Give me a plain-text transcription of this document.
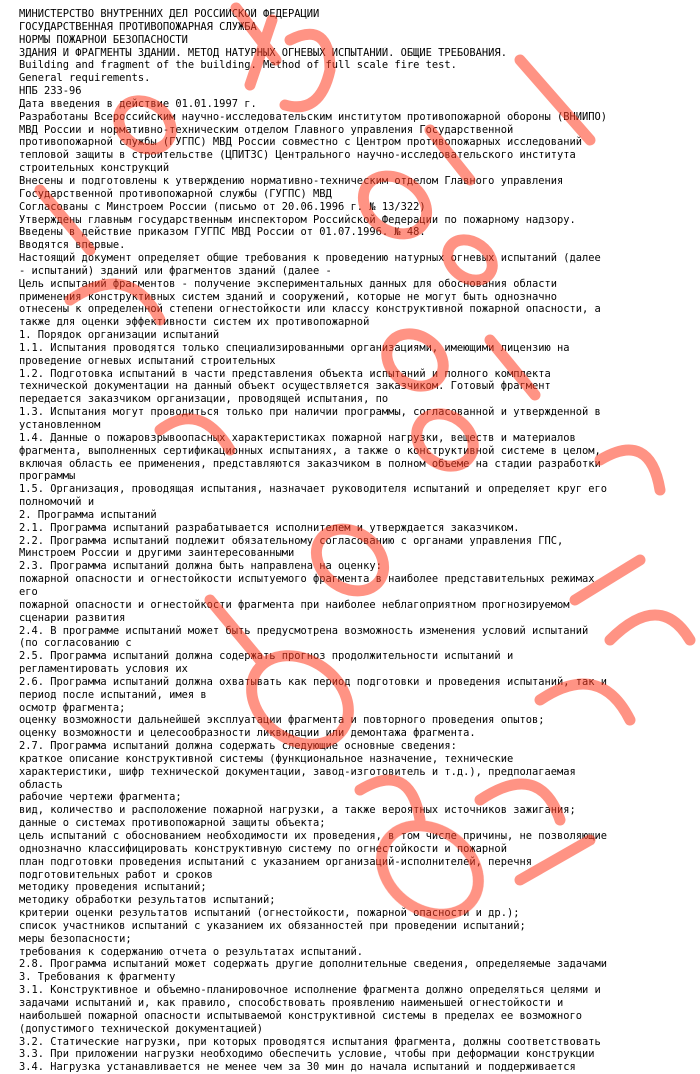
МИНИСТЕРСТВО ВНУТРЕННИХ ДЕЛ РОССИЙСКОЙ ФЕДЕРАЦИИ
ГОСУДАРСТВЕННАЯ ПРОТИВОПОЖАРНАЯ СЛУЖБА
НОРМЫ ПОЖАРНОЙ БЕЗОПАСНОСТИ
ЗДАНИЯ И ФРАГМЕНТЫ ЗДАНИЙ. МЕТОД НАТУРНЫХ ОГНЕВЫХ ИСПЫТАНИЙ. ОБЩИЕ ТРЕБОВАНИЯ.
Building and fragment of the building. Method of full scale fire test.
General requirements.
НПБ 233-96
Дата введения в действие 01.01.1997 г.
Разработаны Всероссийским научно-исследовательским институтом противопожарной обороны (ВНИИПО)
МВД России и нормативно-техническим отделом Главного управления Государственной
противопожарной службы (ГУГПС) МВД России совместно с Центром противопожарных исследований
тепловой защиты в строительстве (ЦПИТЗС) Центрального научно-исследовательского института
строительных конструкций
Внесены и подготовлены к утверждению нормативно-техническим отделом Главного управления
Государственной противопожарной службы (ГУГПС) МВД
Согласованы с Минстроем России (письмо от 20.06.1996 г. № 13/322)
Утверждены главным государственным инспектором Российской Федерации по пожарному надзору.
Введены в действие приказом ГУГПС МВД России от 01.07.1996. № 48.
Вводятся впервые.
Настоящий документ определяет общие требования к проведению натурных огневых испытаний (далее
- испытаний) зданий или фрагментов зданий (далее -
Цель испытаний фрагментов - получение экспериментальных данных для обоснования области
применения конструктивных систем зданий и сооружений, которые не могут быть однозначно
отнесены к определенной степени огнестойкости или классу конструктивной пожарной опасности, а
также для оценки эффективности систем их противопожарной
1. Порядок организации испытаний
1.1. Испытания проводятся только специализированными организациями, имеющими лицензию на
проведение огневых испытаний строительных
1.2. Подготовка испытаний в части представления объекта испытаний и полного комплекта
технической документации на данный объект осуществляется заказчиком. Готовый фрагмент
передается заказчиком организации, проводящей испытания, по
1.3. Испытания могут проводиться только при наличии программы, согласованной и утвержденной в
установленном
1.4. Данные о пожаровзрывоопасных характеристиках пожарной нагрузки, веществ и материалов
фрагмента, выполненных сертификационных испытаниях, а также о конструктивной системе в целом,
включая область ее применения, представляются заказчиком в полном объеме на стадии разработки
программы
1.5. Организация, проводящая испытания, назначает руководителя испытаний и определяет круг его
полномочий и
2. Программа испытаний
2.1. Программа испытаний разрабатывается исполнителем и утверждается заказчиком.
2.2. Программа испытаний подлежит обязательному согласованию с органами управления ГПС,
Минстроем России и другими заинтересованными
2.3. Программа испытаний должна быть направлена на оценку:
пожарной опасности и огнестойкости испытуемого фрагмента в наиболее представительных режимах
его
пожарной опасности и огнестойкости фрагмента при наиболее неблагоприятном прогнозируемом
сценарии развития
2.4. В программе испытаний может быть предусмотрена возможность изменения условий испытаний
(по согласованию с
2.5. Программа испытаний должна содержать прогноз продолжительности испытаний и
регламентировать условия их
2.6. Программа испытаний должна охватывать как период подготовки и проведения испытаний, так и
период после испытаний, имея в
осмотр фрагмента;
оценку возможности дальнейшей эксплуатации фрагмента и повторного проведения опытов;
оценку возможности и целесообразности ликвидации или демонтажа фрагмента.
2.7. Программа испытаний должна содержать следующие основные сведения:
краткое описание конструктивной системы (функциональное назначение, технические
характеристики, шифр технической документации, завод-изготовитель и т.д.), предполагаемая
область
рабочие чертежи фрагмента;
вид, количество и расположение пожарной нагрузки, а также вероятных источников зажигания;
данные о системах противопожарной защиты объекта;
цель испытаний с обоснованием необходимости их проведения, в том числе причины, не позволяющие
однозначно классифицировать конструктивную систему по огнестойкости и пожарной
план подготовки проведения испытаний с указанием организаций-исполнителей, перечня
подготовительных работ и сроков
методику проведения испытаний;
методику обработки результатов испытаний;
критерии оценки результатов испытаний (огнестойкости, пожарной опасности и др.);
список участников испытаний с указанием их обязанностей при проведении испытаний;
меры безопасности;
требования к содержанию отчета о результатах испытаний.
2.8. Программа испытаний может содержать другие дополнительные сведения, определяемые задачами
3. Требования к фрагменту
3.1. Конструктивное и объемно-планировочное исполнение фрагмента должно определяться целями и
задачами испытаний и, как правило, способствовать проявлению наименьшей огнестойкости и
наибольшей пожарной опасности испытываемой конструктивной системы в пределах ее возможного
(допустимого технической документацией)
3.2. Статические нагрузки, при которых проводятся испытания фрагмента, должны соответствовать
3.3. При приложении нагрузки необходимо обеспечить условие, чтобы при деформации конструкции
3.4. Нагрузка устанавливается не менее чем за 30 мин до начала испытаний и поддерживается
